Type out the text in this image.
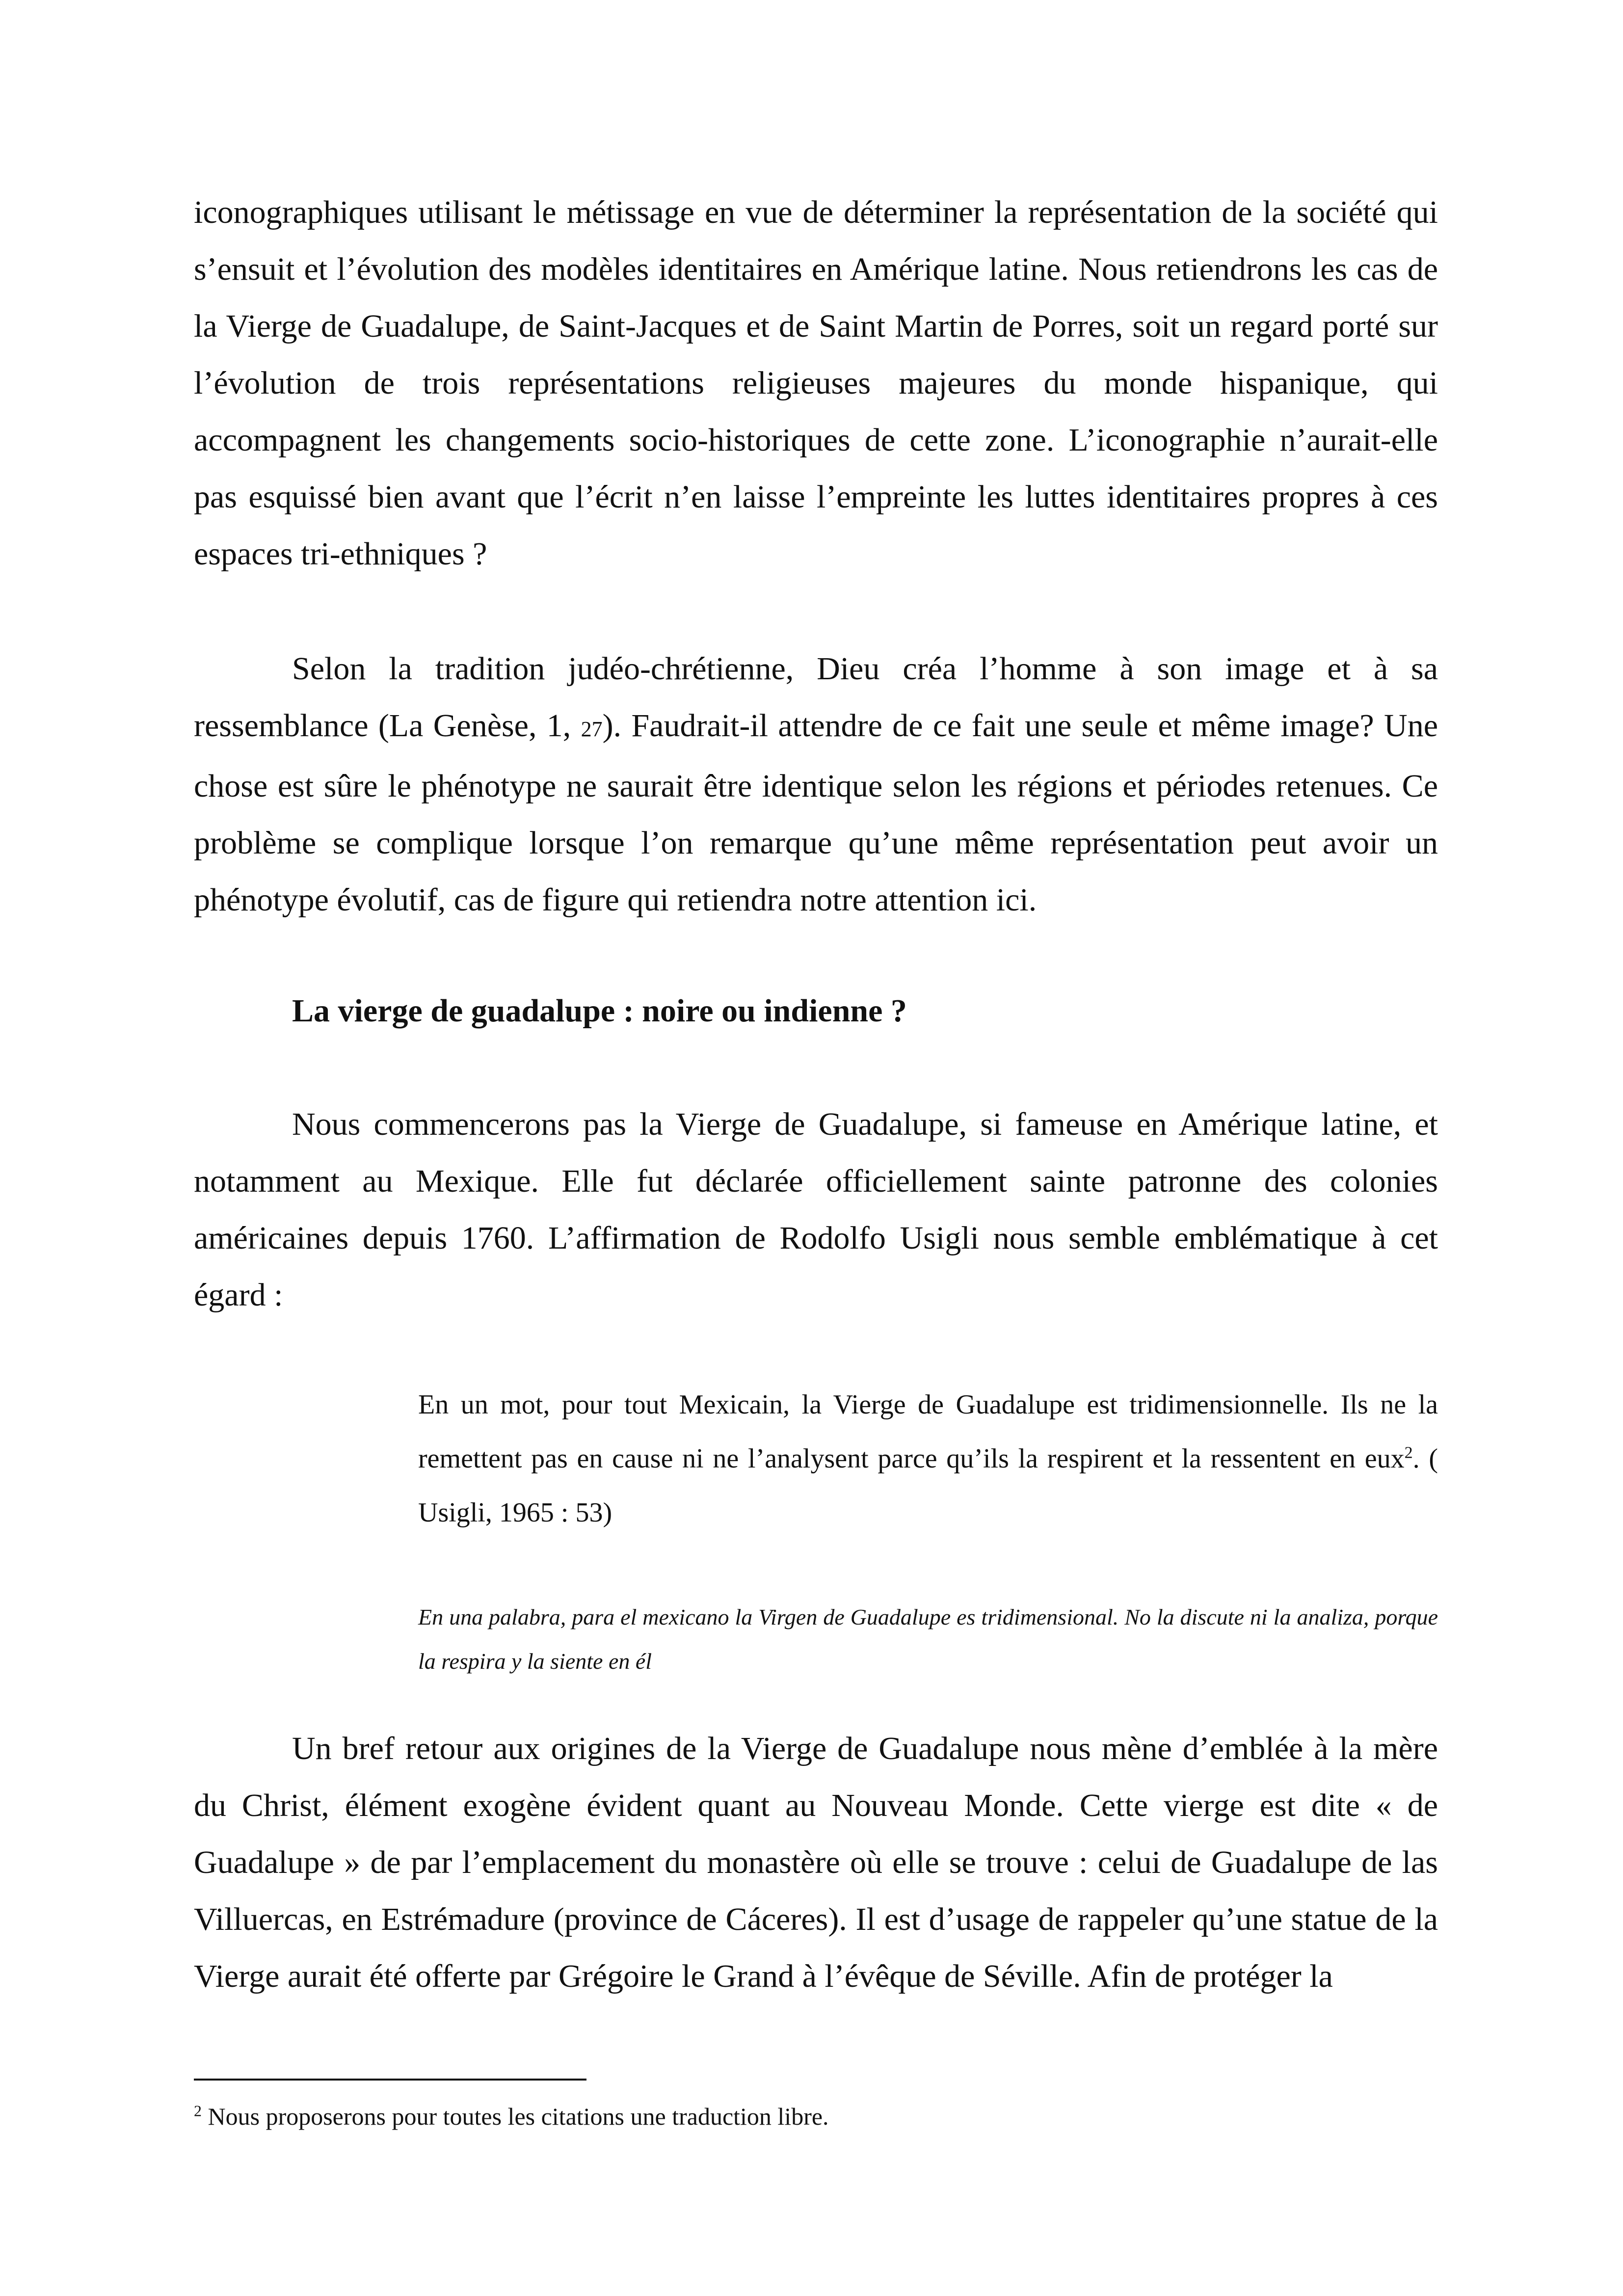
iconographiques utilisant le métissage en vue de déterminer la représentation de la société qui s’ensuit et l’évolution des modèles identitaires en Amérique latine. Nous retiendrons les cas de la Vierge de Guadalupe, de Saint-Jacques et de Saint Martin de Porres, soit un regard porté sur l’évolution de trois représentations religieuses majeures du monde hispanique, qui accompagnent les changements socio-historiques de cette zone. L’iconographie n’aurait-elle pas esquissé bien avant que l’écrit n’en laisse l’empreinte les luttes identitaires propres à ces espaces tri-ethniques ?

Selon la tradition judéo-chrétienne, Dieu créa l’homme à son image et à sa ressemblance (La Genèse, 1, 27). Faudrait-il attendre de ce fait une seule et même image? Une chose est sûre le phénotype ne saurait être identique selon les régions et périodes retenues. Ce problème se complique lorsque l’on remarque qu’une même représentation peut avoir un phénotype évolutif, cas de figure qui retiendra notre attention ici.

La vierge de guadalupe : noire ou indienne ?

Nous commencerons pas la Vierge de Guadalupe, si fameuse en Amérique latine, et notamment au Mexique. Elle fut déclarée officiellement sainte patronne des colonies américaines depuis 1760. L’affirmation de Rodolfo Usigli nous semble emblématique à cet égard :

En un mot, pour tout Mexicain, la Vierge de Guadalupe est tridimensionnelle. Ils ne la remettent pas en cause ni ne l’analysent parce qu’ils la respirent et la ressentent en eux$^2$. ( Usigli, 1965 : 53)

En una palabra, para el mexicano la Virgen de Guadalupe es tridimensional. No la discute ni la analiza, porque la respira y la siente en él

Un bref retour aux origines de la Vierge de Guadalupe nous mène d’emblée à la mère du Christ, élément exogène évident quant au Nouveau Monde. Cette vierge est dite « de Guadalupe » de par l’emplacement du monastère où elle se trouve : celui de Guadalupe de las Villuercas, en Estrémadure (province de Cáceres). Il est d’usage de rappeler qu’une statue de la Vierge aurait été offerte par Grégoire le Grand à l’évêque de Séville. Afin de protéger la

$^2$ Nous proposerons pour toutes les citations une traduction libre.
